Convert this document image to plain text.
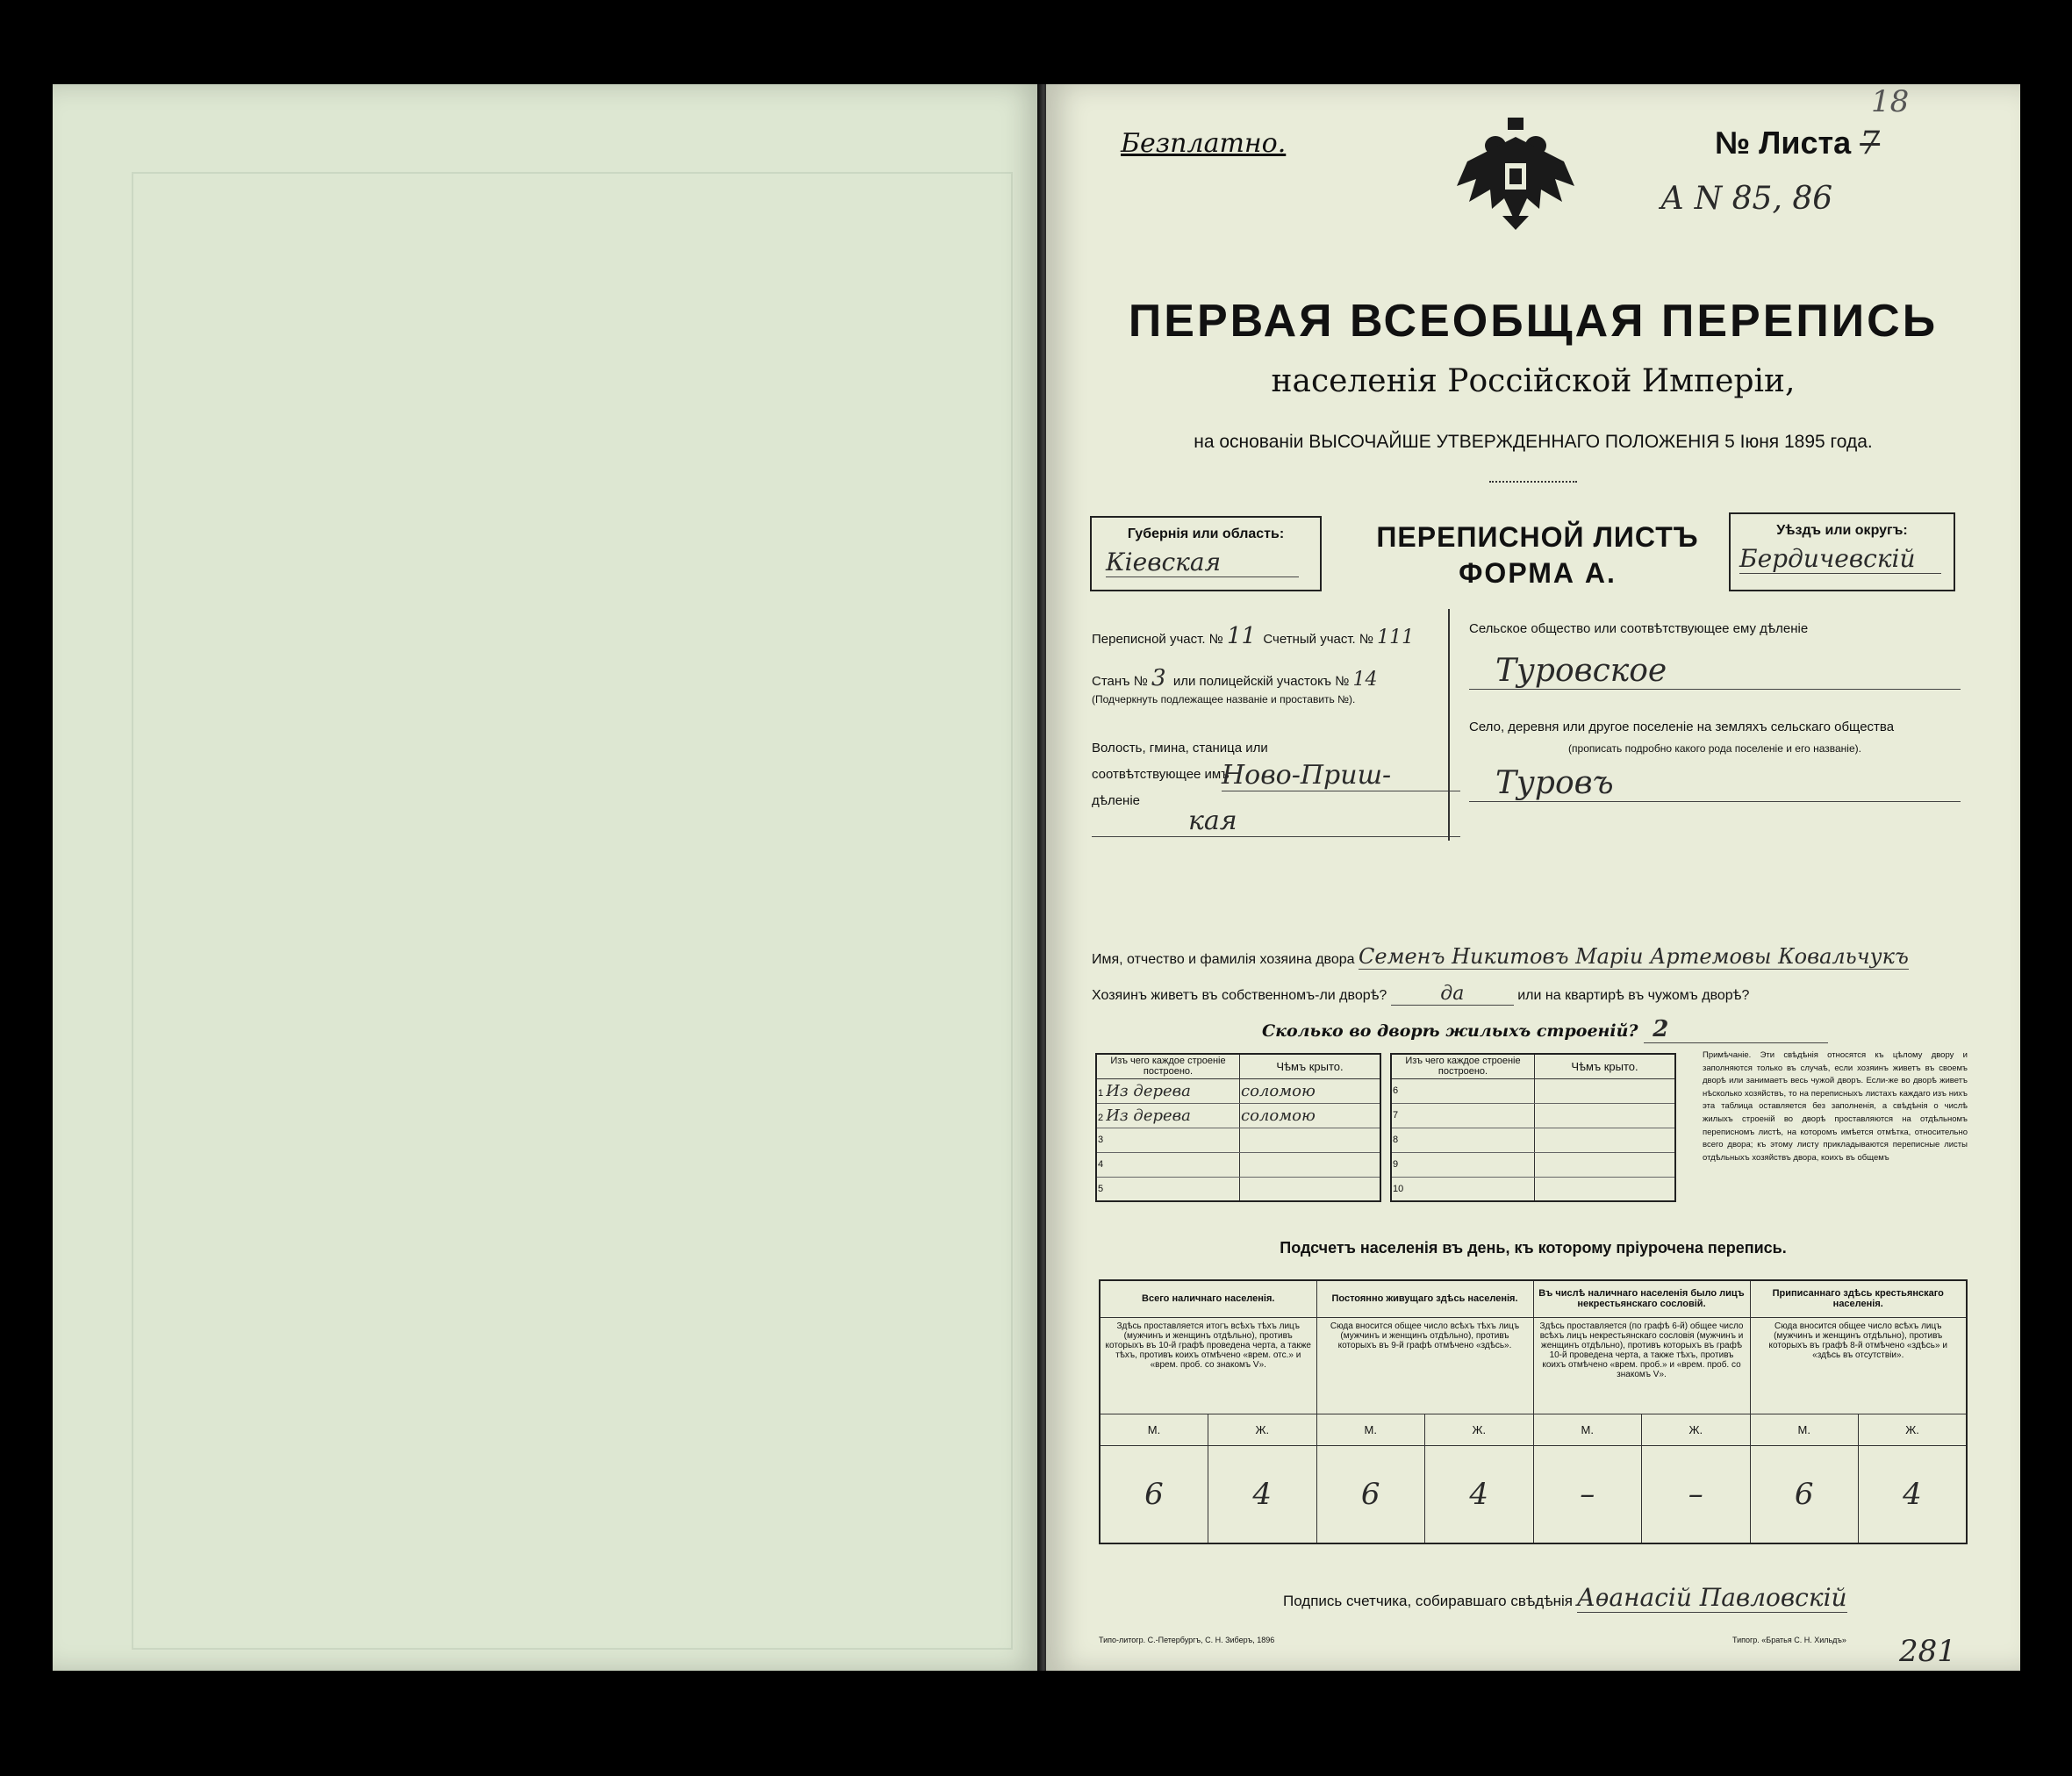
Безплатно.	№ Листа 7
18
А N 85, 86
ПЕРВАЯ ВСЕОБЩАЯ ПЕРЕПИСЬ
населенія Россійской Имперіи,
на основаніи ВЫСОЧАЙШЕ УТВЕРЖДЕННАГО ПОЛОЖЕНІЯ 5 Іюня 1895 года.
Губернія или область:
Кіевская
ПЕРЕПИСНОЙ ЛИСТЪ
ФОРМА А.
Уѣздъ или округъ:
Бердичевскій
Переписной участ. № 11 Счетный участ. № 111
Станъ № 3 или полицейскій участокъ № 14
(Подчеркнуть подлежащее названіе и проставить №).
Волость, гмина, станица или соотвѣтствующее имъ дѣленіе
Ново-Приш-
кая
Сельское общество или соотвѣтствующее ему дѣленіе
Туровское
Село, деревня или другое поселеніе на земляхъ сельскаго общества
(прописать подробно какого рода поселеніе и его названіе).
Туровъ
Имя, отчество и фамилія хозяина двора Семенъ Никитовъ Маріи Артемовы Ковальчукъ
Хозяинъ живетъ въ собственномъ-ли дворѣ?	да	или на квартирѣ въ чужомъ дворѣ?
Сколько во дворѣ жилыхъ строеній? 2
Изъ чего каждое строеніе построено.	Чѣмъ крыто.
1 Из дерева	соломою
2 Из дерева	соломою
3	
4	
5	
Изъ чего каждое строеніе построено.	Чѣмъ крыто.
6	
7	
8	
9	
10	
Примѣчаніе. Эти свѣдѣнія относятся къ цѣлому двору и заполняются только въ случаѣ, если хозяинъ живетъ въ своемъ дворѣ или занимаетъ весь чужой дворъ. Если-же во дворѣ живетъ нѣсколько хозяйствъ, то на переписныхъ листахъ каждаго изъ нихъ эта таблица оставляется без заполненія, а свѣдѣнія о числѣ жилыхъ строеній во дворѣ проставляются на отдѣльномъ переписномъ листѣ, на которомъ имѣется отмѣтка, относительно всего двора; къ этому листу прикладываются переписные листы отдѣльныхъ хозяйствъ двора, коихъ въ общемъ
Подсчетъ населенія въ день, къ которому пріурочена перепись.
Всего наличнаго населенія.		Постоянно живущаго здѣсь населенія.		Въ числѣ наличнаго населенія было лицъ некрестьянскаго сословій.		Приписаннаго здѣсь крестьянскаго населенія.	
Здѣсь проставляется итогъ всѣхъ тѣхъ лицъ (мужчинъ и женщинъ отдѣльно), противъ которыхъ въ 10-й графѣ проведена черта, а также тѣхъ, противъ коихъ отмѣчено «врем. отс.» и «врем. проб. со знакомъ V».		Сюда вносится общее число всѣхъ тѣхъ лицъ (мужчинъ и женщинъ отдѣльно), противъ которыхъ въ 9-й графѣ отмѣчено «здѣсь».		Здѣсь проставляется (по графѣ 6-й) общее число всѣхъ лицъ некрестьянскаго сословія (мужчинъ и женщинъ отдѣльно), противъ которыхъ въ графѣ 10-й проведена черта, а также тѣхъ, противъ коихъ отмѣчено «врем. проб.» и «врем. проб. со знакомъ V».		Сюда вносится общее число всѣхъ лицъ (мужчинъ и женщинъ отдѣльно), противъ которыхъ въ графѣ 8-й отмѣчено «здѣсь» и «здѣсь въ отсутствіи».	
М.	Ж.	М.	Ж.	М.	Ж.	М.	Ж.
6	4	6	4	–	–	6	4
Подпись счетчика, собиравшаго свѣдѣнія Аѳанасій Павловскій
Типо-литогр. С.-Петербургъ, С. Н. Зиберъ, 1896	Типогр. «Братья С. Н. Хильдъ» 281
